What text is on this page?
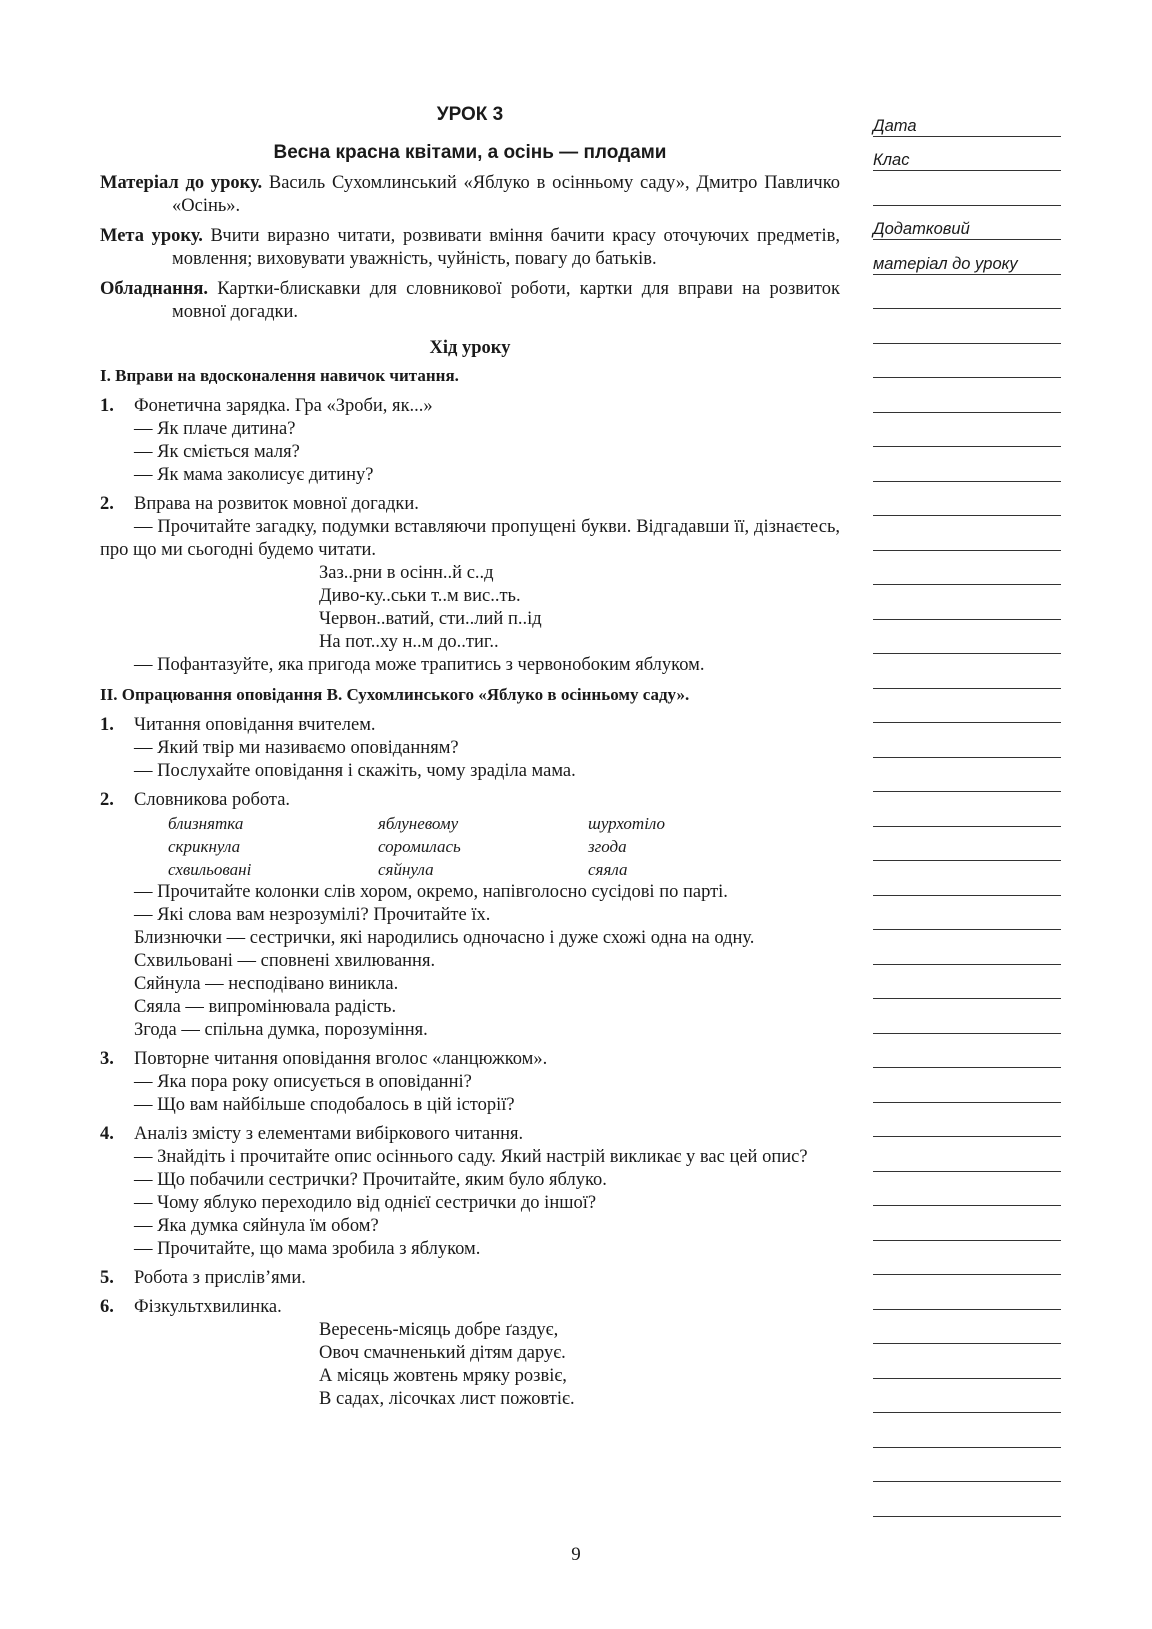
УРОК 3

Весна красна квітами, а осінь — плодами

Матеріал до уроку. Василь Сухомлинський «Яблуко в осінньому саду», Дмитро Павличко «Осінь».

Мета уроку. Вчити виразно читати, розвивати вміння бачити красу оточуючих предметів, мовлення; виховувати уважність, чуйність, повагу до батьків.

Обладнання. Картки-блискавки для словникової роботи, картки для вправи на розвиток мовної догадки.

Хід уроку

I. Вправи на вдосконалення навичок читання.

1. Фонетична зарядка. Гра «Зроби, як...»

— Як плаче дитина?

— Як сміється маля?

— Як мама заколисує дитину?

2. Вправа на розвиток мовної догадки.

— Прочитайте загадку, подумки вставляючи пропущені букви. Відгадавши її, дізнаєтесь, про що ми сьогодні будемо читати.

Заз..рни в осінн..й с..д

Диво-ку..ськи т..м вис..ть.

Червон..ватий, сти..лий п..ід

На пот..ху н..м до..тиг..

— Пофантазуйте, яка пригода може трапитись з червонобоким яблуком.

II. Опрацювання оповідання В. Сухомлинського «Яблуко в осінньому саду».

1. Читання оповідання вчителем.

— Який твір ми називаємо оповіданням?

— Послухайте оповідання і скажіть, чому зраділа мама.

2. Словникова робота.

близнятка	яблуневому	шурхотіло
скрикнула	соромилась	згода
схвильовані	сяйнула	сяяла

— Прочитайте колонки слів хором, окремо, напівголосно сусідові по парті.

— Які слова вам незрозумілі? Прочитайте їх.

Близнючки — сестрички, які народились одночасно і дуже схожі одна на одну.

Схвильовані — сповнені хвилювання.

Сяйнула — несподівано виникла.

Сяяла — випромінювала радість.

Згода — спільна думка, порозуміння.

3. Повторне читання оповідання вголос «ланцюжком».

— Яка пора року описується в оповіданні?

— Що вам найбільше сподобалось в цій історії?

4. Аналіз змісту з елементами вибіркового читання.

— Знайдіть і прочитайте опис осіннього саду. Який настрій викликає у вас цей опис?

— Що побачили сестрички? Прочитайте, яким було яблуко.

— Чому яблуко переходило від однієї сестрички до іншої?

— Яка думка сяйнула їм обом?

— Прочитайте, що мама зробила з яблуком.

5. Робота з прислів’ями.

6. Фізкультхвилинка.

Вересень-місяць добре ґаздує,

Овоч смачненький дітям дарує.

А місяць жовтень мряку розвіє,

В садах, лісочках лист пожовтіє.

Дата
Клас
Додатковий
матеріал до уроку
9
